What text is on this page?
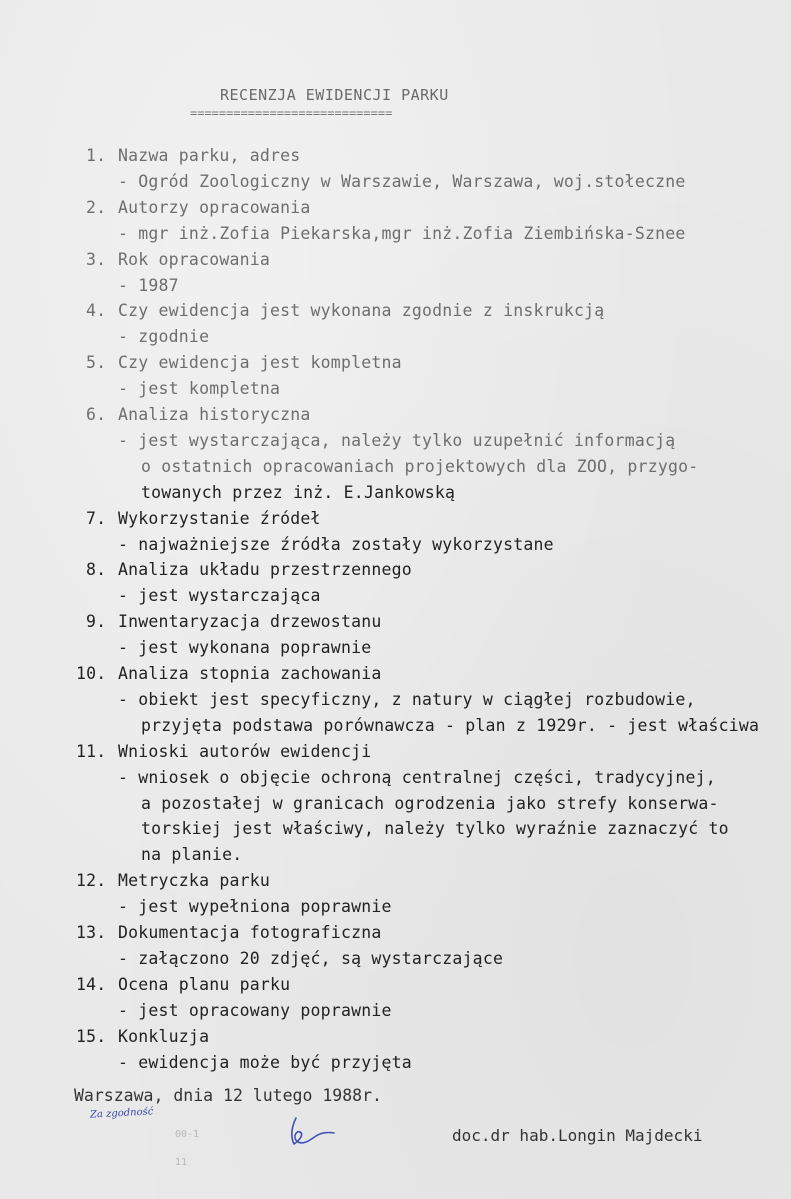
RECENZJA EWIDENCJI PARKU
============================
1. Nazwa parku, adres
- Ogród Zoologiczny w Warszawie, Warszawa, woj.stołeczne
2. Autorzy opracowania
- mgr inż.Zofia Piekarska,mgr inż.Zofia Ziembińska-Sznee
3. Rok opracowania
- 1987
4. Czy ewidencja jest wykonana zgodnie z inskrukcją
- zgodnie
5. Czy ewidencja jest kompletna
- jest kompletna
6. Analiza historyczna
- jest wystarczająca, należy tylko uzupełnić informacją
o ostatnich opracowaniach projektowych dla ZOO, przygo-
towanych przez inż. E.Jankowską
7. Wykorzystanie źródeł
- najważniejsze źródła zostały wykorzystane
8. Analiza układu przestrzennego
- jest wystarczająca
9. Inwentaryzacja drzewostanu
- jest wykonana poprawnie
10. Analiza stopnia zachowania
- obiekt jest specyficzny, z natury w ciągłej rozbudowie,
przyjęta podstawa porównawcza - plan z 1929r. - jest właściwa
11. Wnioski autorów ewidencji
- wniosek o objęcie ochroną centralnej części, tradycyjnej,
a pozostałej w granicach ogrodzenia jako strefy konserwa-
torskiej jest właściwy, należy tylko wyraźnie zaznaczyć to
na planie.
12. Metryczka parku
- jest wypełniona poprawnie
13. Dokumentacja fotograficzna
- załączono 20 zdjęć, są wystarczające
14. Ocena planu parku
- jest opracowany poprawnie
15. Konkluzja
- ewidencja może być przyjęta
Warszawa, dnia 12 lutego 1988r.
Za zgodność
00-1

11
doc.dr hab.Longin Majdecki
